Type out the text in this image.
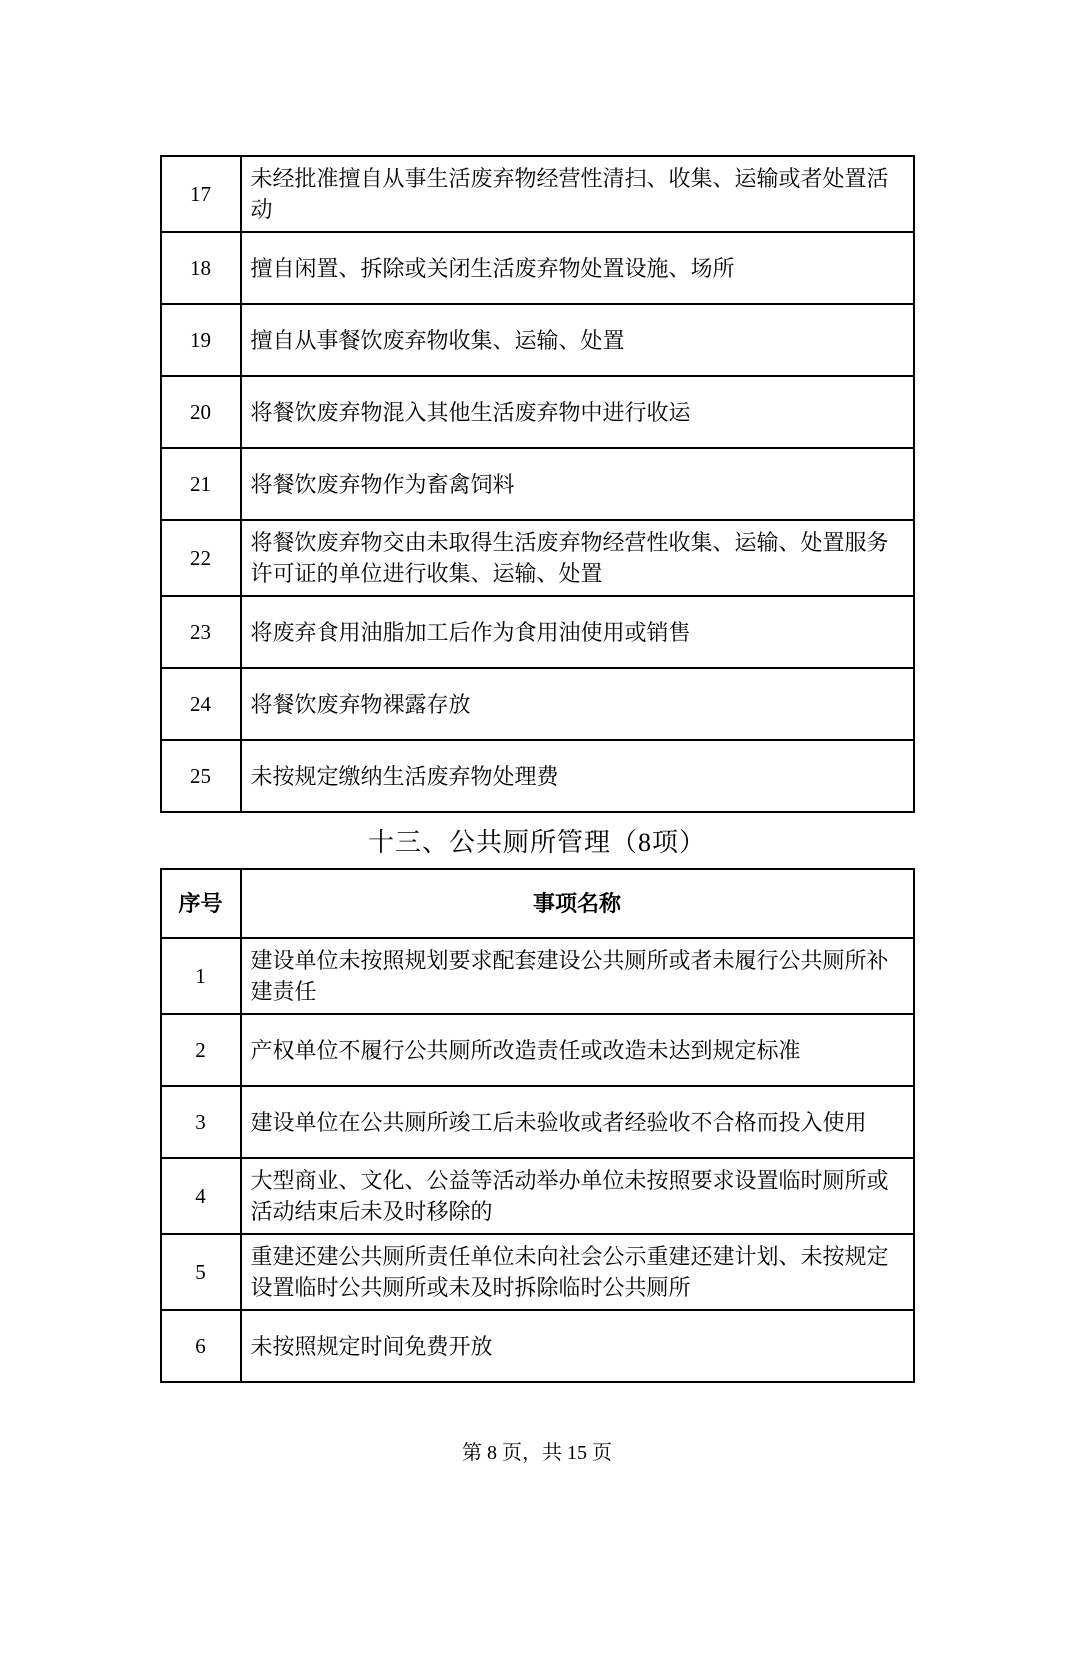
17	未经批准擅自从事生活废弃物经营性清扫、收集、运输或者处置活动
18	擅自闲置、拆除或关闭生活废弃物处置设施、场所
19	擅自从事餐饮废弃物收集、运输、处置
20	将餐饮废弃物混入其他生活废弃物中进行收运
21	将餐饮废弃物作为畜禽饲料
22	将餐饮废弃物交由未取得生活废弃物经营性收集、运输、处置服务许可证的单位进行收集、运输、处置
23	将废弃食用油脂加工后作为食用油使用或销售
24	将餐饮废弃物裸露存放
25	未按规定缴纳生活废弃物处理费
十三、公共厕所管理（8项）
序号	事项名称
1	建设单位未按照规划要求配套建设公共厕所或者未履行公共厕所补建责任
2	产权单位不履行公共厕所改造责任或改造未达到规定标准
3	建设单位在公共厕所竣工后未验收或者经验收不合格而投入使用
4	大型商业、文化、公益等活动举办单位未按照要求设置临时厕所或活动结束后未及时移除的
5	重建还建公共厕所责任单位未向社会公示重建还建计划、未按规定设置临时公共厕所或未及时拆除临时公共厕所
6	未按照规定时间免费开放
第 8 页，共 15 页
